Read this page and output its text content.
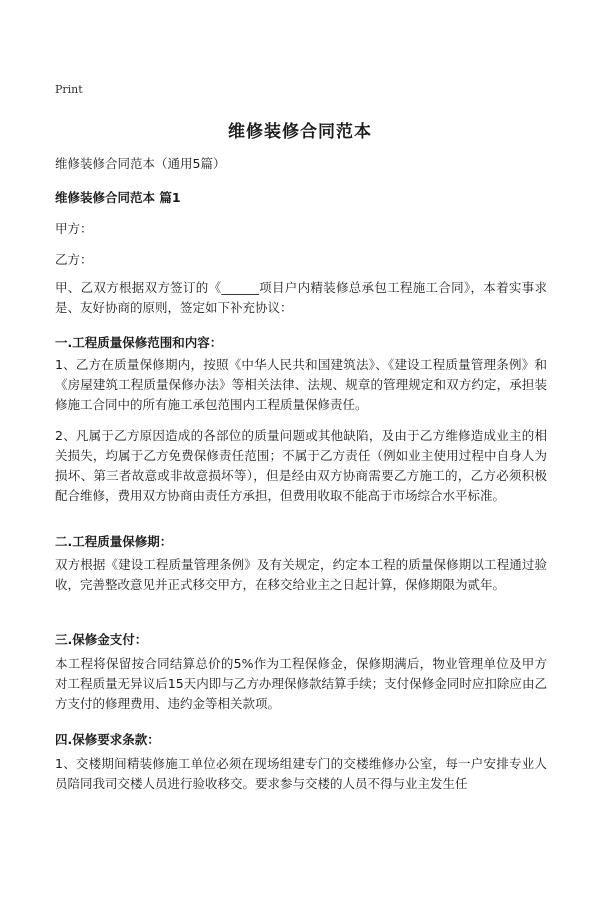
Print
维修装修合同范本
维修装修合同范本（通用5篇）
维修装修合同范本 篇1
甲方：
乙方：
甲、乙双方根据双方签订的《______项目户内精装修总承包工程施工合同》，本着实事求是、友好协商的原则，签定如下补充协议：
一.工程质量保修范围和内容：
1、乙方在质量保修期内，按照《中华人民共和国建筑法》、《建设工程质量管理条例》和《房屋建筑工程质量保修办法》等相关法律、法规、规章的管理规定和双方约定，承担装修施工合同中的所有施工承包范围内工程质量保修责任。
2、凡属于乙方原因造成的各部位的质量问题或其他缺陷，及由于乙方维修造成业主的相关损失，均属于乙方免费保修责任范围；不属于乙方责任（例如业主使用过程中自身人为损坏、第三者故意或非故意损坏等），但是经由双方协商需要乙方施工的，乙方必须积极配合维修，费用双方协商由责任方承担，但费用收取不能高于市场综合水平标准。
二.工程质量保修期：
双方根据《建设工程质量管理条例》及有关规定，约定本工程的质量保修期以工程通过验收，完善整改意见并正式移交甲方，在移交给业主之日起计算，保修期限为贰年。
三.保修金支付：
本工程将保留按合同结算总价的5%作为工程保修金，保修期满后，物业管理单位及甲方对工程质量无异议后15天内即与乙方办理保修款结算手续；支付保修金同时应扣除应由乙方支付的修理费用、违约金等相关款项。
四.保修要求条款：
1、交楼期间精装修施工单位必须在现场组建专门的交楼维修办公室，每一户安排专业人员陪同我司交楼人员进行验收移交。要求参与交楼的人员不得与业主发生任
